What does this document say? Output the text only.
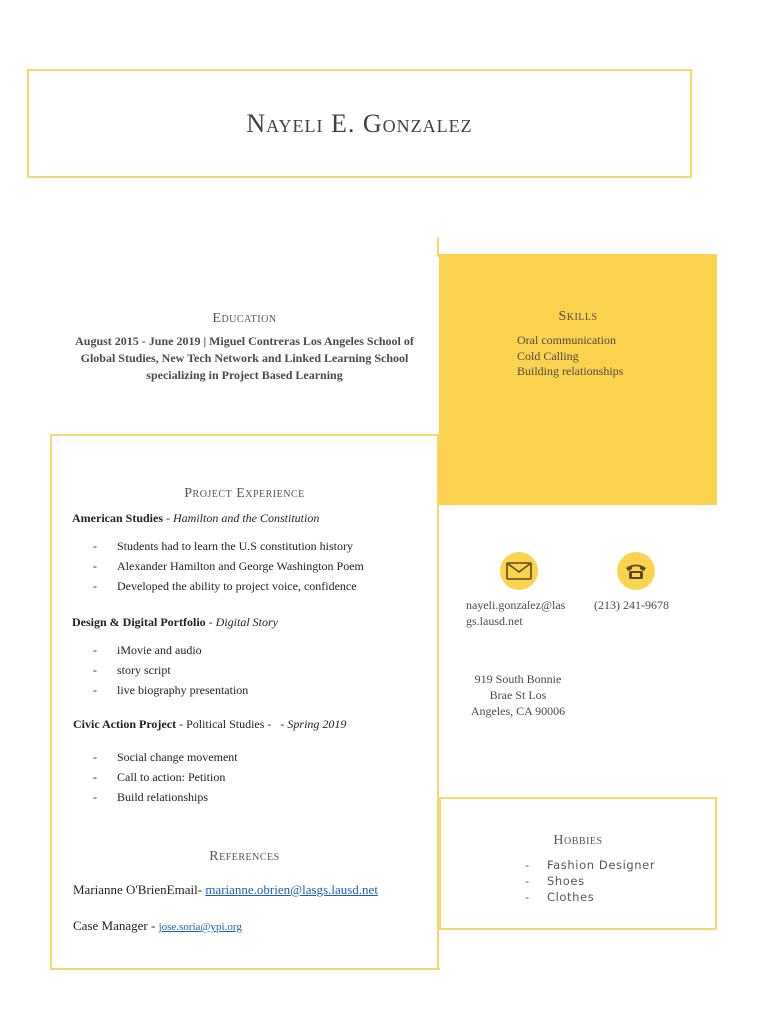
Nayeli E. Gonzalez
Skills
Oral communication
Cold Calling
Building relationships
Education
August 2015 - June 2019 | Miguel Contreras Los Angeles School of Global Studies, New Tech Network and Linked Learning School specializing in Project Based Learning
Project Experience
American Studies - Hamilton and the Constitution
-	Students had to learn the U.S constitution history
-	Alexander Hamilton and George Washington Poem
-	Developed the ability to project voice, confidence
Design & Digital Portfolio - Digital Story
-	iMovie and audio
-	story script
-	live biography presentation
Civic Action Project - Political Studies -   - Spring 2019
-	Social change movement
-	Call to action: Petition
-	Build relationships
References
Marianne O'BrienEmail- marianne.obrien@lasgs.lausd.net
Case Manager - jose.soria@ypi.org
nayeli.gonzalez@las
gs.lausd.net
(213) 241-9678
919 South Bonnie
Brae St Los
Angeles, CA 90006
Hobbies
-	Fashion Designer
-	Shoes
-	Clothes
